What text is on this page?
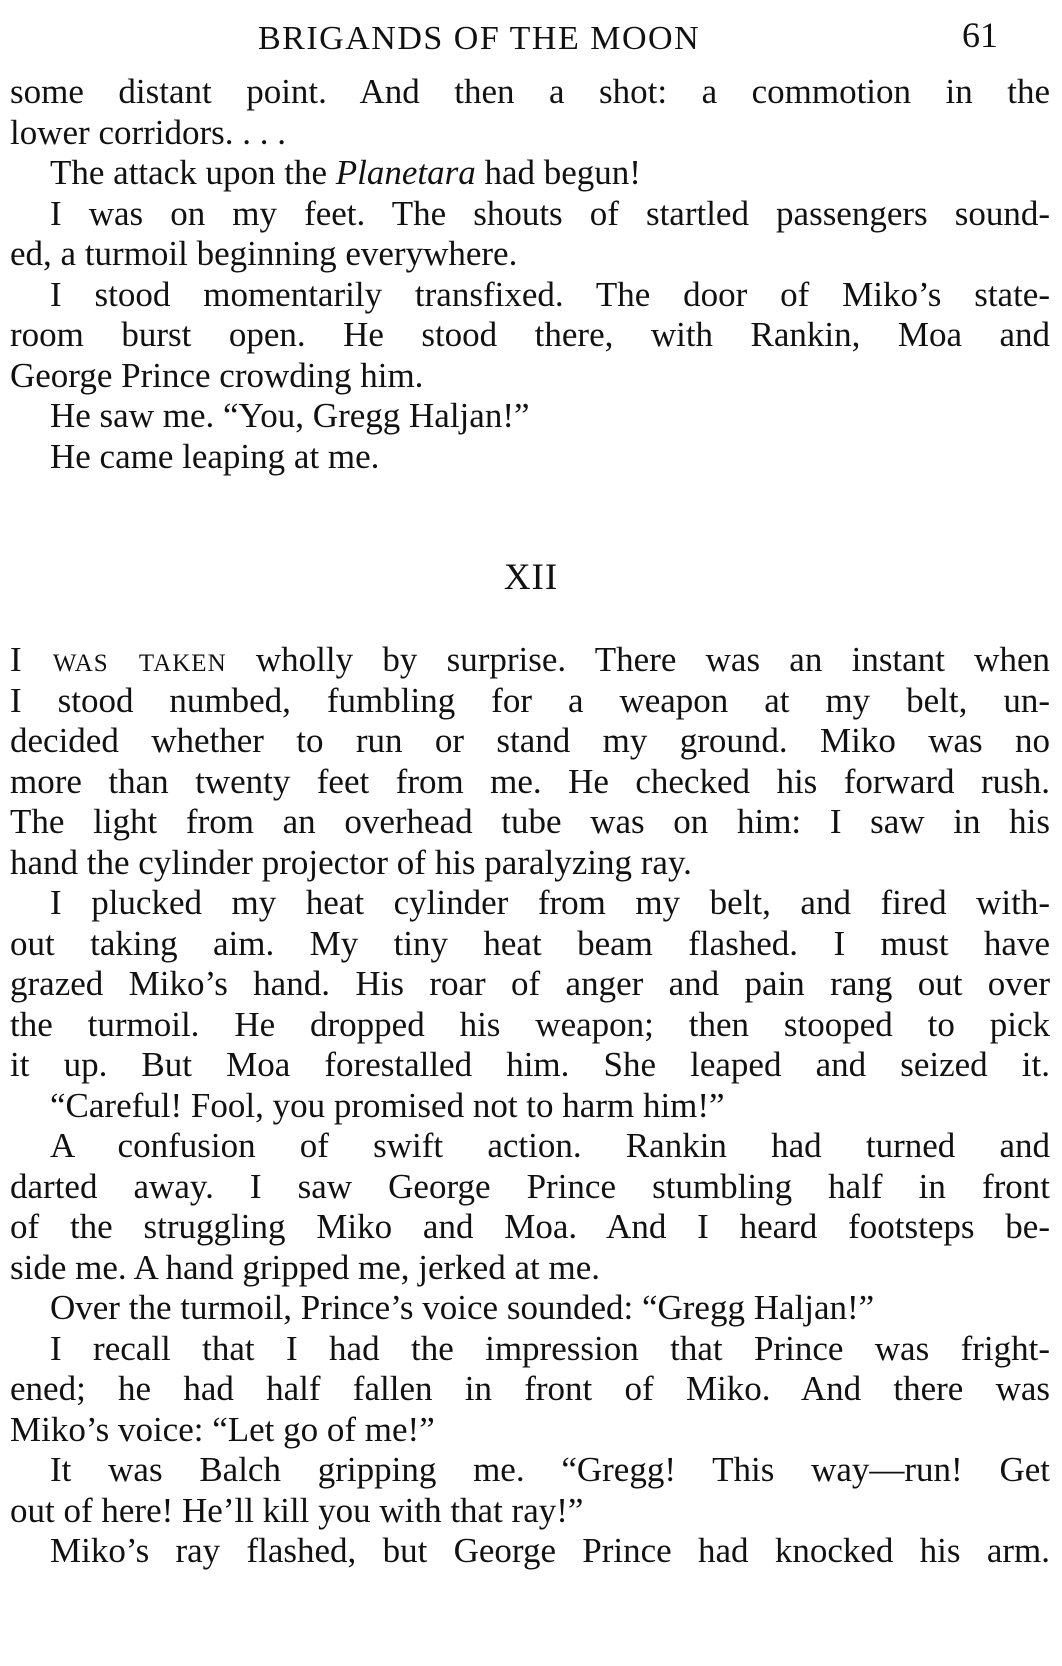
BRIGANDS OF THE MOON	61
some distant point. And then a shot: a commotion in the
lower corridors. . . .
The attack upon the Planetara had begun!
I was on my feet. The shouts of startled passengers sound-
ed, a turmoil beginning everywhere.
I stood momentarily transfixed. The door of Miko’s state-
room burst open. He stood there, with Rankin, Moa and
George Prince crowding him.
He saw me. “You, Gregg Haljan!”
He came leaping at me.
XII
I was taken wholly by surprise. There was an instant when
I stood numbed, fumbling for a weapon at my belt, un-
decided whether to run or stand my ground. Miko was no
more than twenty feet from me. He checked his forward rush.
The light from an overhead tube was on him: I saw in his
hand the cylinder projector of his paralyzing ray.
I plucked my heat cylinder from my belt, and fired with-
out taking aim. My tiny heat beam flashed. I must have
grazed Miko’s hand. His roar of anger and pain rang out over
the turmoil. He dropped his weapon; then stooped to pick
it up. But Moa forestalled him. She leaped and seized it.
“Careful! Fool, you promised not to harm him!”
A confusion of swift action. Rankin had turned and
darted away. I saw George Prince stumbling half in front
of the struggling Miko and Moa. And I heard footsteps be-
side me. A hand gripped me, jerked at me.
Over the turmoil, Prince’s voice sounded: “Gregg Haljan!”
I recall that I had the impression that Prince was fright-
ened; he had half fallen in front of Miko. And there was
Miko’s voice: “Let go of me!”
It was Balch gripping me. “Gregg! This way—run! Get
out of here! He’ll kill you with that ray!”
Miko’s ray flashed, but George Prince had knocked his arm.
